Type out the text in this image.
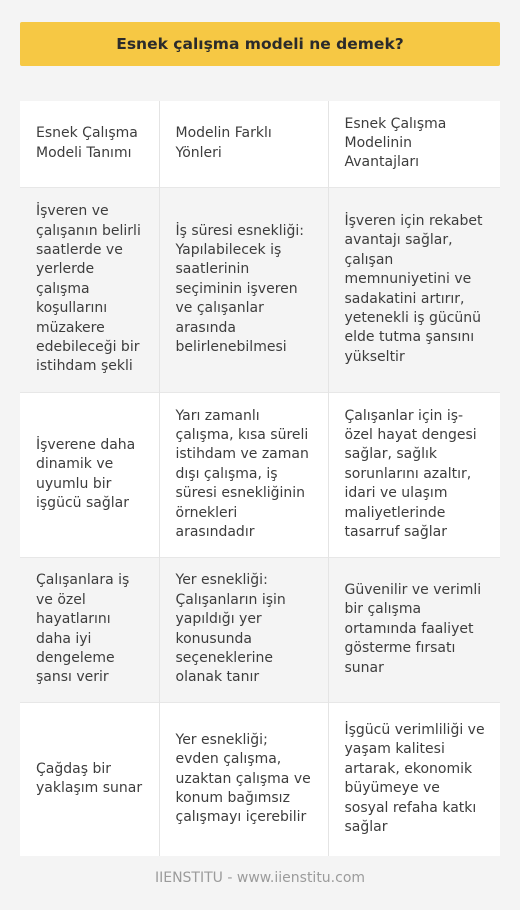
Esnek çalışma modeli ne demek?
Esnek Çalışma Modeli Tanımı	Modelin Farklı Yönleri	Esnek Çalışma Modelinin Avantajları
İşveren ve çalışanın belirli saatlerde ve yerlerde çalışma koşullarını müzakere edebileceği bir istihdam şekli	İş süresi esnekliği: Yapılabilecek iş saatlerinin seçiminin işveren ve çalışanlar arasında belirlenebilmesi	İşveren için rekabet avantajı sağlar, çalışan memnuniyetini ve sadakatini artırır, yetenekli iş gücünü elde tutma şansını yükseltir
İşverene daha dinamik ve uyumlu bir işgücü sağlar	Yarı zamanlı çalışma, kısa süreli istihdam ve zaman dışı çalışma, iş süresi esnekliğinin örnekleri arasındadır	Çalışanlar için iş-özel hayat dengesi sağlar, sağlık sorunlarını azaltır, idari ve ulaşım maliyetlerinde tasarruf sağlar
Çalışanlara iş ve özel hayatlarını daha iyi dengeleme şansı verir	Yer esnekliği: Çalışanların işin yapıldığı yer konusunda seçeneklerine olanak tanır	Güvenilir ve verimli bir çalışma ortamında faaliyet gösterme fırsatı sunar
Çağdaş bir yaklaşım sunar	Yer esnekliği; evden çalışma, uzaktan çalışma ve konum bağımsız çalışmayı içerebilir	İşgücü verimliliği ve yaşam kalitesi artarak, ekonomik büyümeye ve sosyal refaha katkı sağlar
IIENSTITU - www.iienstitu.com
